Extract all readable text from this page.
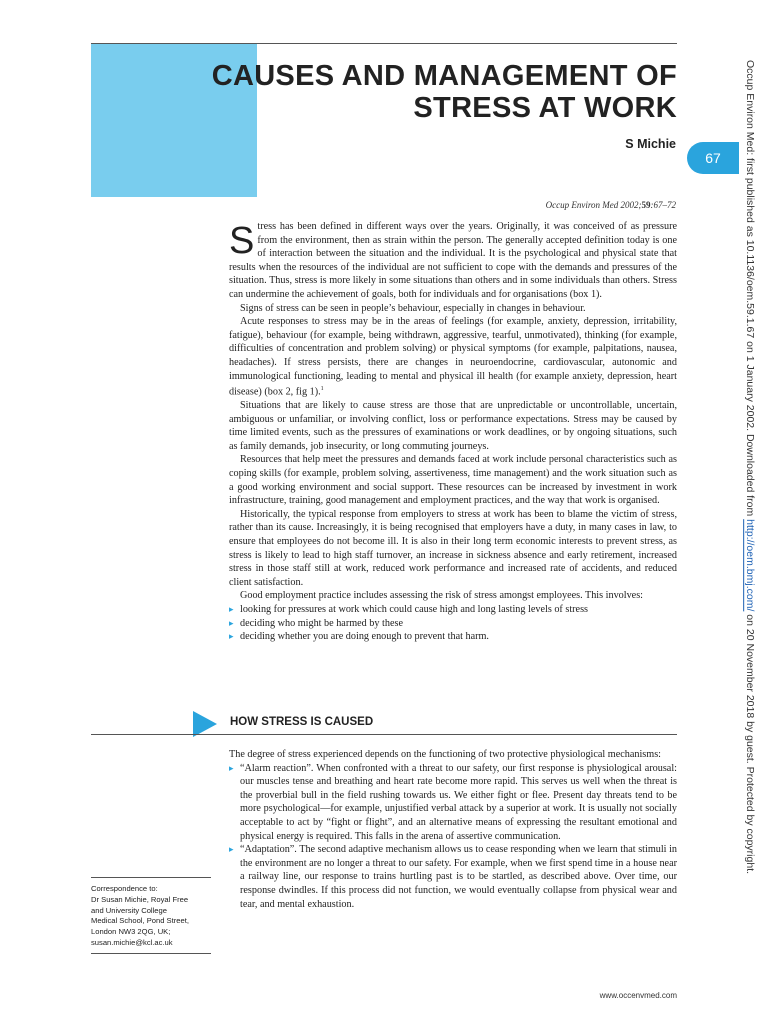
CAUSES AND MANAGEMENT OF
STRESS AT WORK
S Michie
67
Occup Environ Med 2002;59:67–72	Occup Environ Med: first published as 10.1136/oem.59.1.67 on 1 January 2002. Downloaded from http://oem.bmj.com/ on 20 November 2018 by guest. Protected by copyright.

Stress has been defined in different ways over the years. Originally, it was conceived of as pressure from the environment, then as strain within the person. The generally accepted definition today is one of interaction between the situation and the individual. It is the psychological and physical state that results when the resources of the individual are not sufficient to cope with the demands and pressures of the situation. Thus, stress is more likely in some situations than others and in some individuals than others. Stress can undermine the achievement of goals, both for individuals and for organisations (box 1).

Signs of stress can be seen in people’s behaviour, especially in changes in behaviour.

Acute responses to stress may be in the areas of feelings (for example, anxiety, depression, irritability, fatigue), behaviour (for example, being withdrawn, aggressive, tearful, unmotivated), thinking (for example, difficulties of concentration and problem solving) or physical symptoms (for example, palpitations, nausea, headaches). If stress persists, there are changes in neuroendocrine, cardiovascular, autonomic and immunological functioning, leading to mental and physical ill health (for example anxiety, depression, heart disease) (box 2, fig 1).$^1$

Situations that are likely to cause stress are those that are unpredictable or uncontrollable, uncertain, ambiguous or unfamiliar, or involving conflict, loss or performance expectations. Stress may be caused by time limited events, such as the pressures of examinations or work deadlines, or by ongoing situations, such as family demands, job insecurity, or long commuting journeys.

Resources that help meet the pressures and demands faced at work include personal characteristics such as coping skills (for example, problem solving, assertiveness, time management) and the work situation such as a good working environment and social support. These resources can be increased by investment in work infrastructure, training, good management and employment practices, and the way that work is organised.

Historically, the typical response from employers to stress at work has been to blame the victim of stress, rather than its cause. Increasingly, it is being recognised that employers have a duty, in many cases in law, to ensure that employees do not become ill. It is also in their long term economic interests to prevent stress, as stress is likely to lead to high staff turnover, an increase in sickness absence and early retirement, increased stress in those staff still at work, reduced work performance and increased rate of accidents, and reduced client satisfaction.

Good employment practice includes assessing the risk of stress amongst employees. This involves:

▸ looking for pressures at work which could cause high and long lasting levels of stress
▸ deciding who might be harmed by these
▸ deciding whether you are doing enough to prevent that harm.
HOW STRESS IS CAUSED

The degree of stress experienced depends on the functioning of two protective physiological mechanisms:

▸ “Alarm reaction”. When confronted with a threat to our safety, our first response is physiological arousal: our muscles tense and breathing and heart rate become more rapid. This serves us well when the threat is the proverbial bull in the field rushing towards us. We either fight or flee. Present day threats tend to be more psychological—for example, unjustified verbal attack by a superior at work. It is usually not socially acceptable to act by “fight or flight”, and an alternative means of expressing the resultant emotional and physical energy is required. This falls in the arena of assertive communication.
▸ “Adaptation”. The second adaptive mechanism allows us to cease responding when we learn that stimuli in the environment are no longer a threat to our safety. For example, when we first spend time in a house near a railway line, our response to trains hurtling past is to be startled, as described above. Over time, our response dwindles. If this process did not function, we would eventually collapse from physical wear and tear, and mental exhaustion.
Correspondence to:
Dr Susan Michie, Royal Free
and University College
Medical School, Pond Street,
London NW3 2QG, UK;
susan.michie@kcl.ac.uk
www.occenvmed.com
